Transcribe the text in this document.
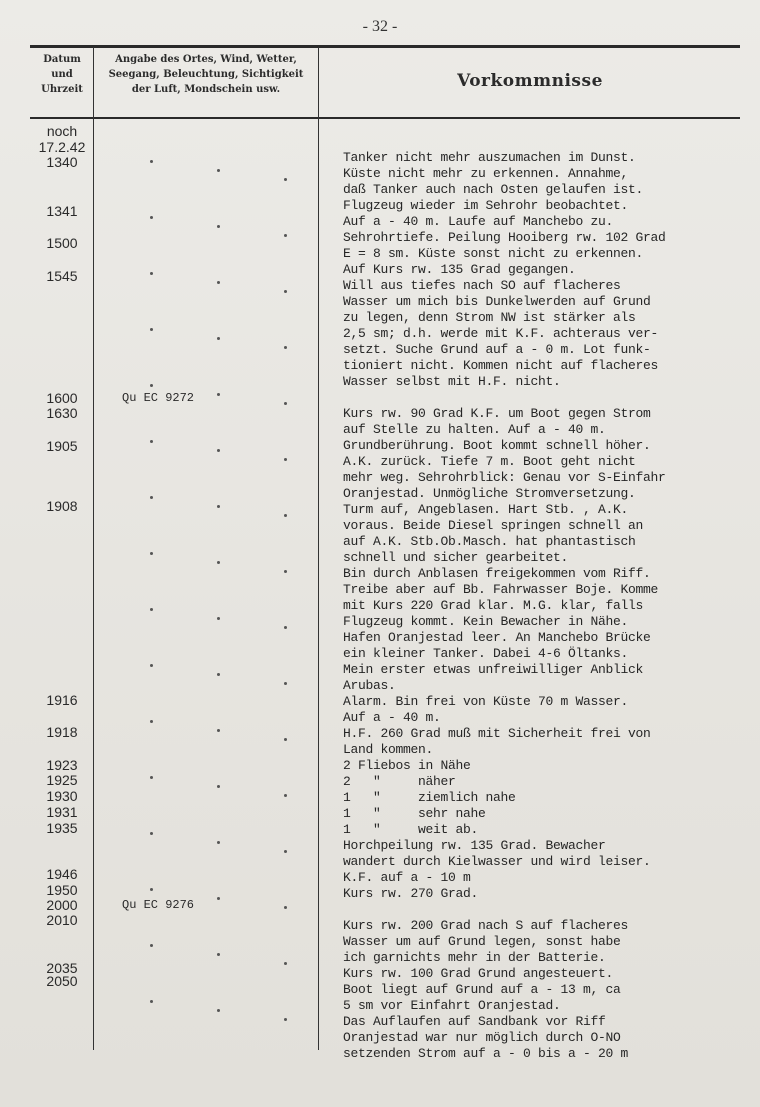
- 32 -
Datum
und
Uhrzeit
Angabe des Ortes, Wind, Wetter,
Seegang, Beleuchtung, Sichtigkeit
der Luft, Mondschein usw.	Vorkommnisse
noch
17.2.42
1340
1341
1500
1545
1600
1630
1905
1908
1916
1918
1923
1925
1930
1931
1935
1946
1950
2000
2010
2035
2050
Qu EC 9272
Qu EC 9276
Tanker nicht mehr auszumachen im Dunst.
Küste nicht mehr zu erkennen. Annahme,
daß Tanker auch nach Osten gelaufen ist.
Flugzeug wieder im Sehrohr beobachtet.
Auf a - 40 m. Laufe auf Manchebo zu.
Sehrohrtiefe. Peilung Hooiberg rw. 102 Grad
E = 8 sm. Küste sonst nicht zu erkennen.
Auf Kurs rw. 135 Grad gegangen.
Will aus tiefes nach SO auf flacheres
Wasser um mich bis Dunkelwerden auf Grund
zu legen, denn Strom NW ist stärker als
2,5 sm; d.h. werde mit K.F. achteraus ver-
setzt. Suche Grund auf a - 0 m. Lot funk-
tioniert nicht. Kommen nicht auf flacheres
Wasser selbst mit H.F. nicht.

Kurs rw. 90 Grad K.F. um Boot gegen Strom
auf Stelle zu halten. Auf a - 40 m.
Grundberührung. Boot kommt schnell höher.
A.K. zurück. Tiefe 7 m. Boot geht nicht
mehr weg. Sehrohrblick: Genau vor S-Einfahr
Oranjestad. Unmögliche Stromversetzung.
Turm auf, Angeblasen. Hart Stb. , A.K.
voraus. Beide Diesel springen schnell an
auf A.K. Stb.Ob.Masch. hat phantastisch
schnell und sicher gearbeitet.
Bin durch Anblasen freigekommen vom Riff.
Treibe aber auf Bb. Fahrwasser Boje. Komme
mit Kurs 220 Grad klar. M.G. klar, falls
Flugzeug kommt. Kein Bewacher in Nähe.
Hafen Oranjestad leer. An Manchebo Brücke
ein kleiner Tanker. Dabei 4-6 Öltanks.
Mein erster etwas unfreiwilliger Anblick
Arubas.
Alarm. Bin frei von Küste 70 m Wasser.
Auf a - 40 m.
H.F. 260 Grad muß mit Sicherheit frei von
Land kommen.
2 Fliebos in Nähe
2   "     näher
1   "     ziemlich nahe
1   "     sehr nahe
1   "     weit ab.
Horchpeilung rw. 135 Grad. Bewacher
wandert durch Kielwasser und wird leiser.
K.F. auf a - 10 m
Kurs rw. 270 Grad.

Kurs rw. 200 Grad nach S auf flacheres
Wasser um auf Grund legen, sonst habe
ich garnichts mehr in der Batterie.
Kurs rw. 100 Grad Grund angesteuert.
Boot liegt auf Grund auf a - 13 m, ca
5 sm vor Einfahrt Oranjestad.
Das Auflaufen auf Sandbank vor Riff
Oranjestad war nur möglich durch O-NO
setzenden Strom auf a - 0 bis a - 20 m
